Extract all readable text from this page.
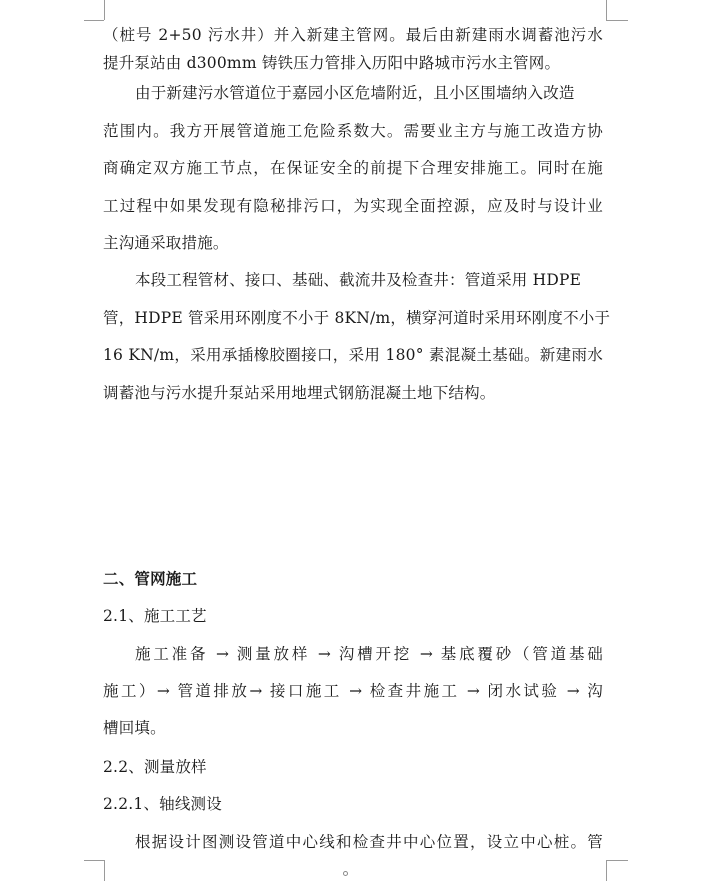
（桩号 2+50 污水井）并入新建主管网。最后由新建雨水调蓄池污水
提升泵站由 d300mm 铸铁压力管排入历阳中路城市污水主管网。
由于新建污水管道位于嘉园小区危墙附近，且小区围墙纳入改造
范围内。我方开展管道施工危险系数大。需要业主方与施工改造方协
商确定双方施工节点，在保证安全的前提下合理安排施工。同时在施
工过程中如果发现有隐秘排污口，为实现全面控源，应及时与设计业
主沟通采取措施。
本段工程管材、接口、基础、截流井及检查井：管道采用 HDPE
管，HDPE 管采用环刚度不小于 8KN/m，横穿河道时采用环刚度不小于
16 KN/m，采用承插橡胶圈接口，采用 180° 素混凝土基础。新建雨水
调蓄池与污水提升泵站采用地埋式钢筋混凝土地下结构。
二、管网施工
2.1、施工工艺
施工准备 → 测量放样 → 沟槽开挖 → 基底覆砂（管道基础
施工）→ 管道排放→ 接口施工 → 检查井施工 → 闭水试验 → 沟
槽回填。
2.2、测量放样
2.2.1、轴线测设
根据设计图测设管道中心线和检查井中心位置，设立中心桩。管
